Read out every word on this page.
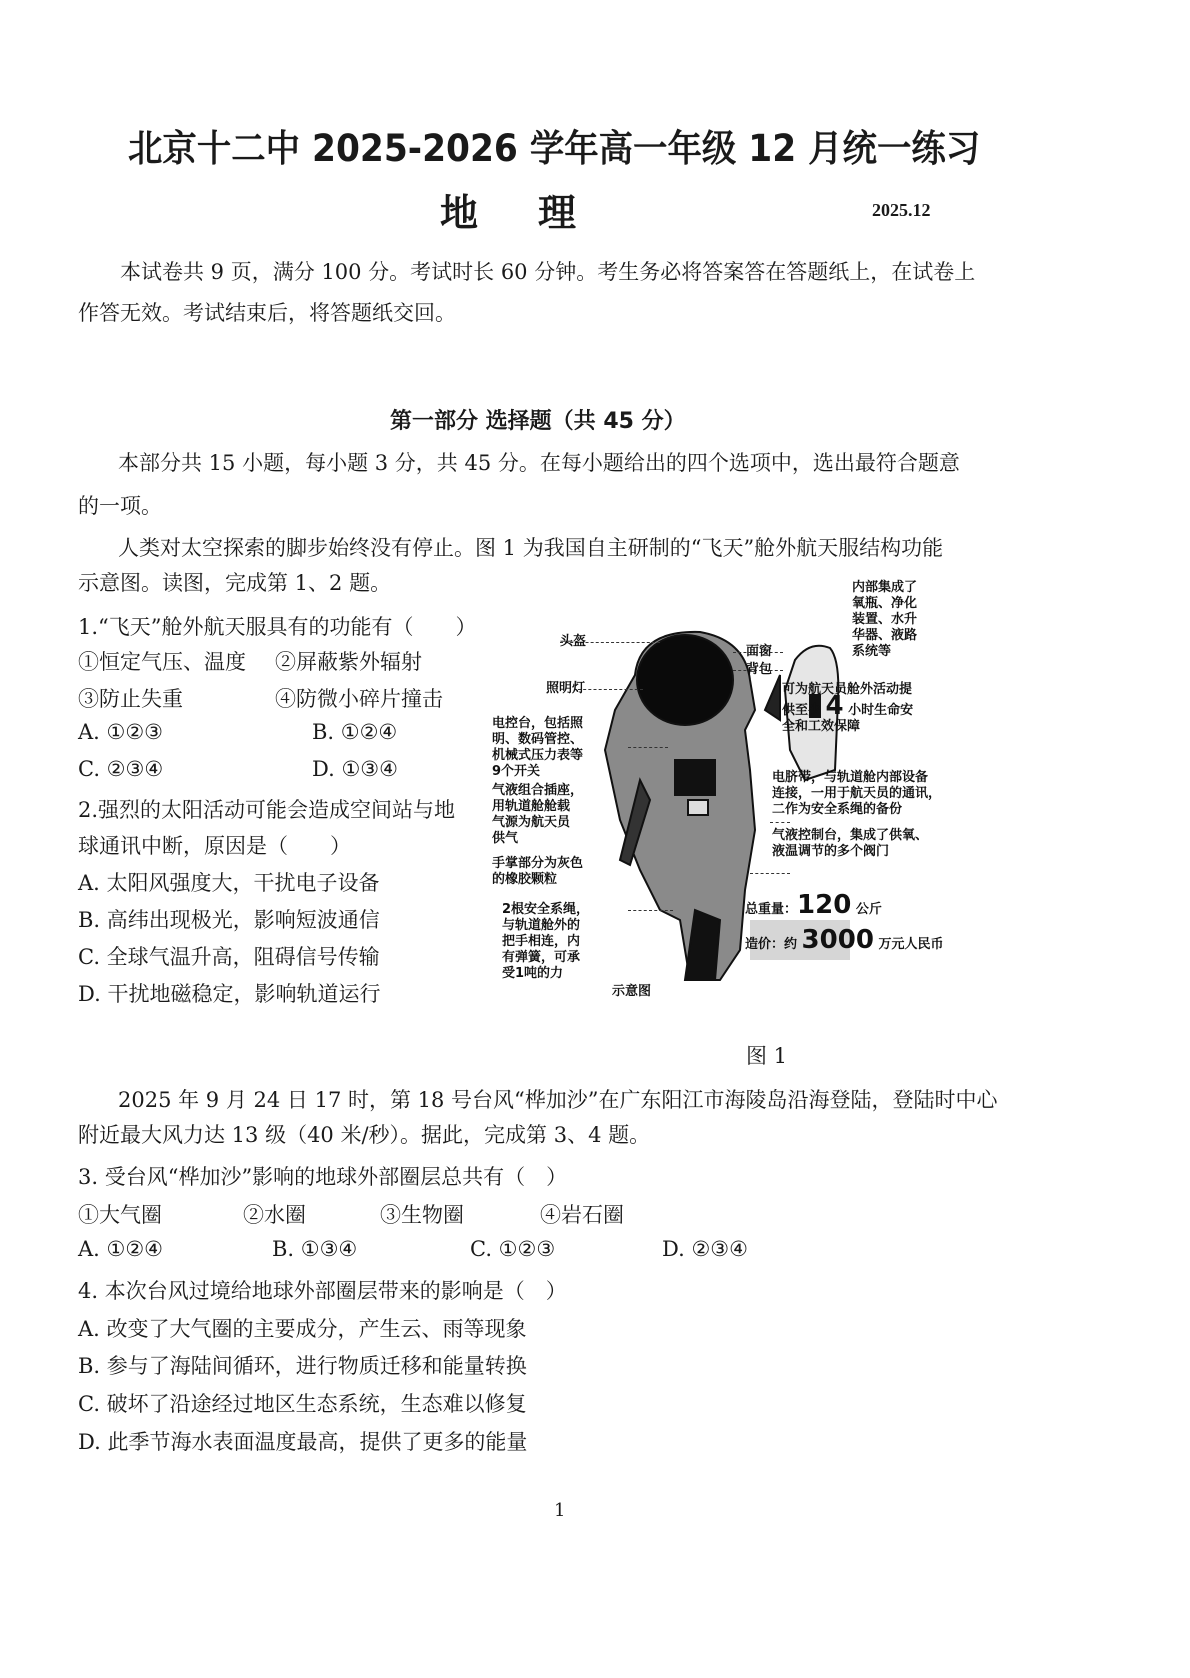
北京十二中 2025-2026 学年高一年级 12 月统一练习
地理	2025.12
本试卷共 9 页，满分 100 分。考试时长 60 分钟。考生务必将答案答在答题纸上，在试卷上
作答无效。考试结束后，将答题纸交回。
第一部分 选择题（共 45 分）
本部分共 15 小题，每小题 3 分，共 45 分。在每小题给出的四个选项中，选出最符合题意
的一项。
人类对太空探索的脚步始终没有停止。图 1 为我国自主研制的“飞天”舱外航天服结构功能
示意图。读图，完成第 1、2 题。
1.“飞天”舱外航天服具有的功能有（　　）
①恒定气压、温度 ②屏蔽紫外辐射
③防止失重	④防微小碎片撞击
A. ①②③	B. ①②④
C. ②③④	D. ①③④
2.强烈的太阳活动可能会造成空间站与地
球通讯中断，原因是（　　）
A. 太阳风强度大，干扰电子设备
B. 高纬出现极光，影响短波通信
C. 全球气温升高，阻碍信号传输
D. 干扰地磁稳定，影响轨道运行
头盔
照明灯
电控台，包括照
明、数码管控、
机械式压力表等
9个开关
气液组合插座，
用轨道舱舱载
气源为航天员
供气
手掌部分为灰色
的橡胶颗粒
2根安全系绳，
与轨道舱外的
把手相连，内
有弹簧，可承
受1吨的力
示意图
面窗
背包
内部集成了
氧瓶、净化
装置、水升
华器、液路
系统等
可为航天员舱外活动提
供至少 4 小时生命安
全和工效保障
电脐带，与轨道舱内部设备
连接，一用于航天员的通讯，
二作为安全系绳的备份
气液控制台，集成了供氧、
液温调节的多个阀门
总重量：120 公斤
造价：约 3000 万元人民币
图 1
2025 年 9 月 24 日 17 时，第 18 号台风“桦加沙”在广东阳江市海陵岛沿海登陆，登陆时中心
附近最大风力达 13 级（40 米/秒）。据此，完成第 3、4 题。
3. 受台风“桦加沙”影响的地球外部圈层总共有（　）
①大气圈	②水圈	③生物圈	④岩石圈
A. ①②④	B. ①③④	C. ①②③	D. ②③④
4. 本次台风过境给地球外部圈层带来的影响是（　）
A. 改变了大气圈的主要成分，产生云、雨等现象
B. 参与了海陆间循环，进行物质迁移和能量转换
C. 破坏了沿途经过地区生态系统，生态难以修复
D. 此季节海水表面温度最高，提供了更多的能量
1
